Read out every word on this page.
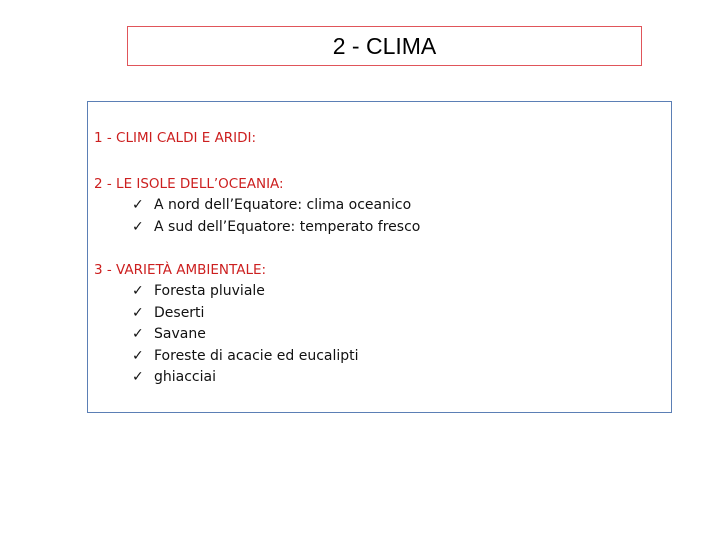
2 - CLIMA
1 - CLIMI CALDI E ARIDI:
2 - LE ISOLE DELL’OCEANIA:
✓ A nord dell’Equatore: clima oceanico
✓ A sud dell’Equatore: temperato fresco
3 - VARIETÀ AMBIENTALE:
✓ Foresta pluviale
✓ Deserti
✓ Savane
✓ Foreste di acacie ed eucalipti
✓ ghiacciai
